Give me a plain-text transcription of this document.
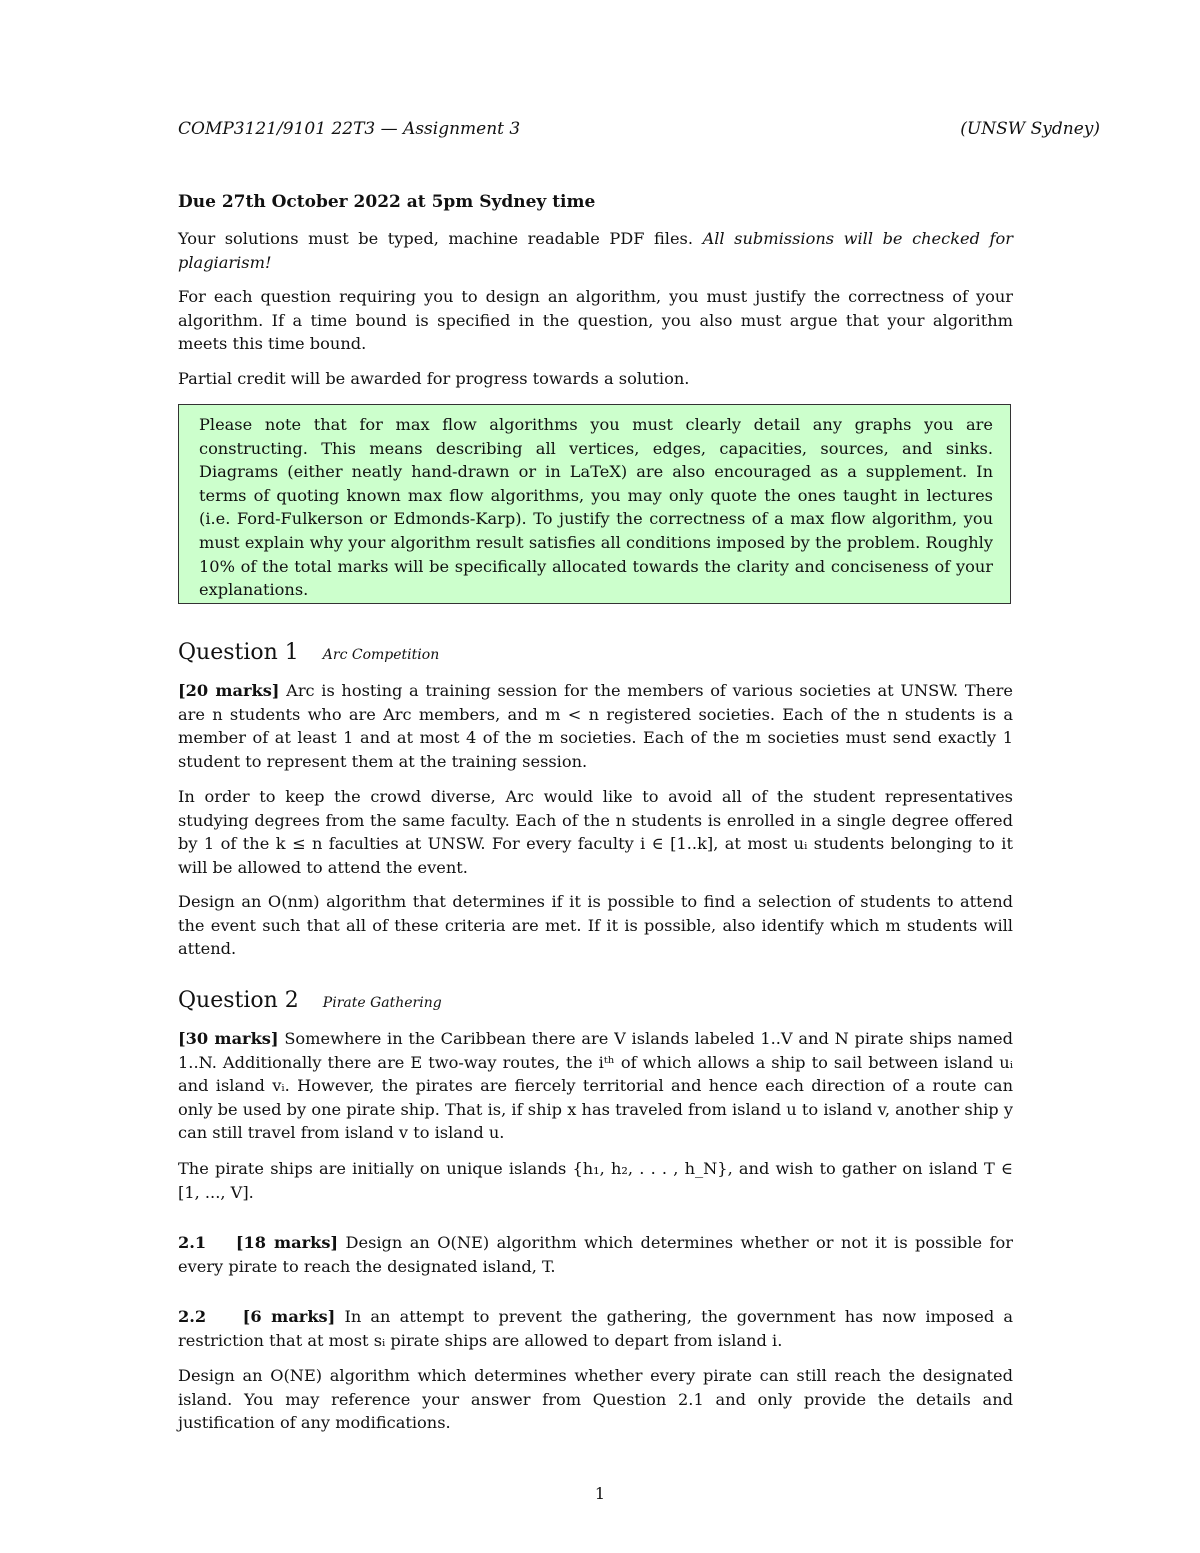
COMP3121/9101 22T3 — Assignment 3	(UNSW Sydney)
Due 27th October 2022 at 5pm Sydney time

Your solutions must be typed, machine readable PDF files. All submissions will be checked for plagiarism!

For each question requiring you to design an algorithm, you must justify the correctness of your algorithm. If a time bound is specified in the question, you also must argue that your algorithm meets this time bound.

Partial credit will be awarded for progress towards a solution.

Please note that for max flow algorithms you must clearly detail any graphs you are constructing. This means describing all vertices, edges, capacities, sources, and sinks. Diagrams (either neatly hand-drawn or in LaTeX) are also encouraged as a supplement. In terms of quoting known max flow algorithms, you may only quote the ones taught in lectures (i.e. Ford-Fulkerson or Edmonds-Karp). To justify the correctness of a max flow algorithm, you must explain why your algorithm result satisfies all conditions imposed by the problem. Roughly 10% of the total marks will be specifically allocated towards the clarity and conciseness of your explanations.

Question 1 Arc Competition

[20 marks] Arc is hosting a training session for the members of various societies at UNSW. There are n students who are Arc members, and m < n registered societies. Each of the n students is a member of at least 1 and at most 4 of the m societies. Each of the m societies must send exactly 1 student to represent them at the training session.

In order to keep the crowd diverse, Arc would like to avoid all of the student representatives studying degrees from the same faculty. Each of the n students is enrolled in a single degree offered by 1 of the k ≤ n faculties at UNSW. For every faculty i ∈ [1..k], at most uᵢ students belonging to it will be allowed to attend the event.

Design an O(nm) algorithm that determines if it is possible to find a selection of students to attend the event such that all of these criteria are met. If it is possible, also identify which m students will attend.

Question 2 Pirate Gathering

[30 marks] Somewhere in the Caribbean there are V islands labeled 1..V and N pirate ships named 1..N. Additionally there are E two-way routes, the iᵗʰ of which allows a ship to sail between island uᵢ and island vᵢ. However, the pirates are fiercely territorial and hence each direction of a route can only be used by one pirate ship. That is, if ship x has traveled from island u to island v, another ship y can still travel from island v to island u.

The pirate ships are initially on unique islands {h₁, h₂, . . . , h_N}, and wish to gather on island T ∈ [1, ..., V].

2.1 [18 marks] Design an O(NE) algorithm which determines whether or not it is possible for every pirate to reach the designated island, T.

2.2 [6 marks] In an attempt to prevent the gathering, the government has now imposed a restriction that at most sᵢ pirate ships are allowed to depart from island i.

Design an O(NE) algorithm which determines whether every pirate can still reach the designated island. You may reference your answer from Question 2.1 and only provide the details and justification of any modifications.

1
